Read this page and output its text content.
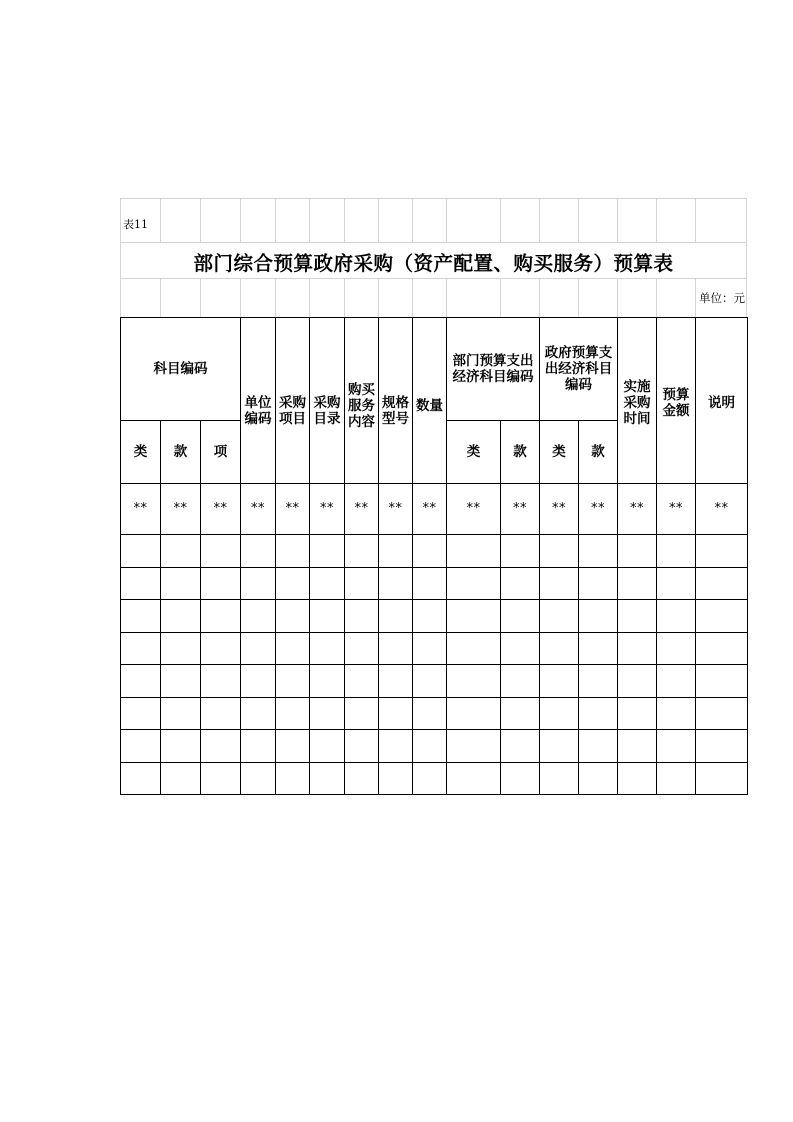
表11
部门综合预算政府采购（资产配置、购买服务）预算表
单位：元
科目编码			单位编码	采购项目	采购目录	购买服务内容	规格型号	数量	部门预算支出经济科目编码		政府预算支出经济科目编码		实施采购时间	预算金额	说明
类	款	项							类	款	类	款			
**	**	**	**	**	**	**	**	**	**	**	**	**	**	**	**
